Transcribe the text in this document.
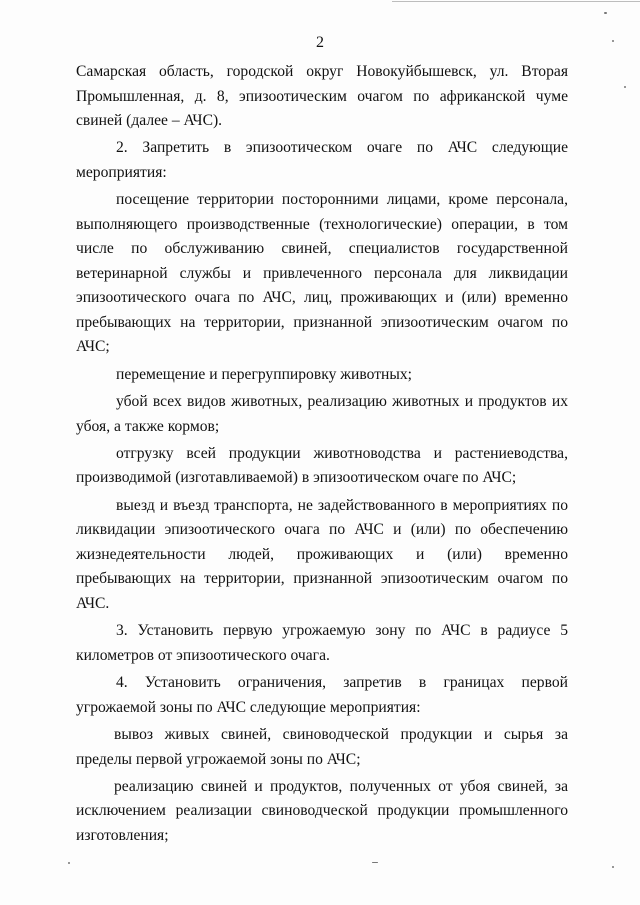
2

Самарская область, городской округ Новокуйбышевск, ул. Вторая Промышленная, д. 8, эпизоотическим очагом по африканской чуме свиней (далее – АЧС).

2. Запретить в эпизоотическом очаге по АЧС следующие мероприятия:

посещение территории посторонними лицами, кроме персонала, выполняющего производственные (технологические) операции, в том числе по обслуживанию свиней, специалистов государственной ветеринарной службы и привлеченного персонала для ликвидации эпизоотического очага по АЧС, лиц, проживающих и (или) временно пребывающих на территории, признанной эпизоотическим очагом по АЧС;

перемещение и перегруппировку животных;

убой всех видов животных, реализацию животных и продуктов их убоя, а также кормов;

отгрузку всей продукции животноводства и растениеводства, производимой (изготавливаемой) в эпизоотическом очаге по АЧС;

выезд и въезд транспорта, не задействованного в мероприятиях по ликвидации эпизоотического очага по АЧС и (или) по обеспечению жизнедеятельности людей, проживающих и (или) временно пребывающих на территории, признанной эпизоотическим очагом по АЧС.

3. Установить первую угрожаемую зону по АЧС в радиусе 5 километров от эпизоотического очага.

4. Установить ограничения, запретив в границах первой угрожаемой зоны по АЧС следующие мероприятия:

вывоз живых свиней, свиноводческой продукции и сырья за пределы первой угрожаемой зоны по АЧС;

реализацию свиней и продуктов, полученных от убоя свиней, за исключением реализации свиноводческой продукции промышленного изготовления;
